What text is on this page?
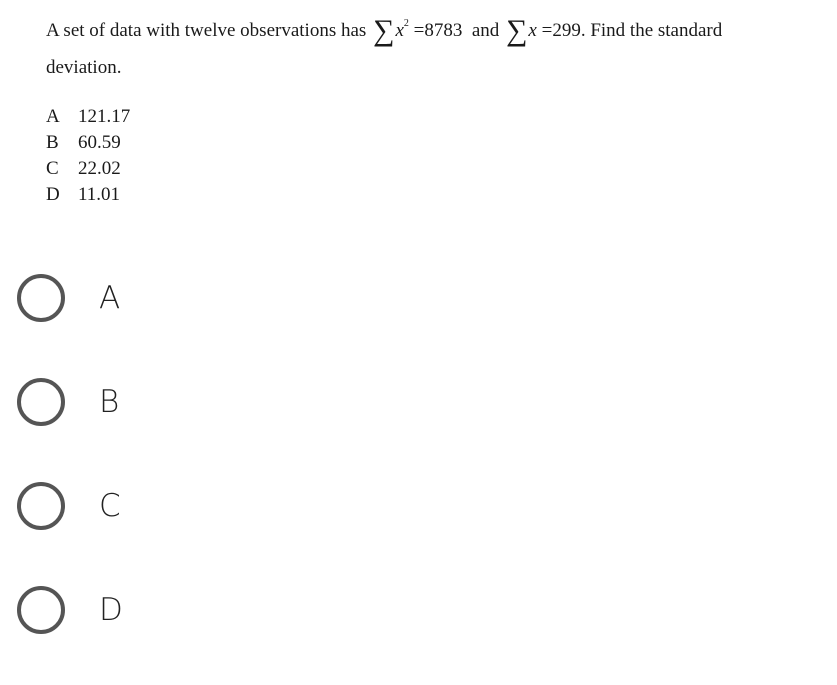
A set of data with twelve observations has $\sum x^2 =8783$ and ∑x =299. Find the standard
deviation.
A 121.17
B	60.59
C	22.02
D 11.01
A
B
C
D
